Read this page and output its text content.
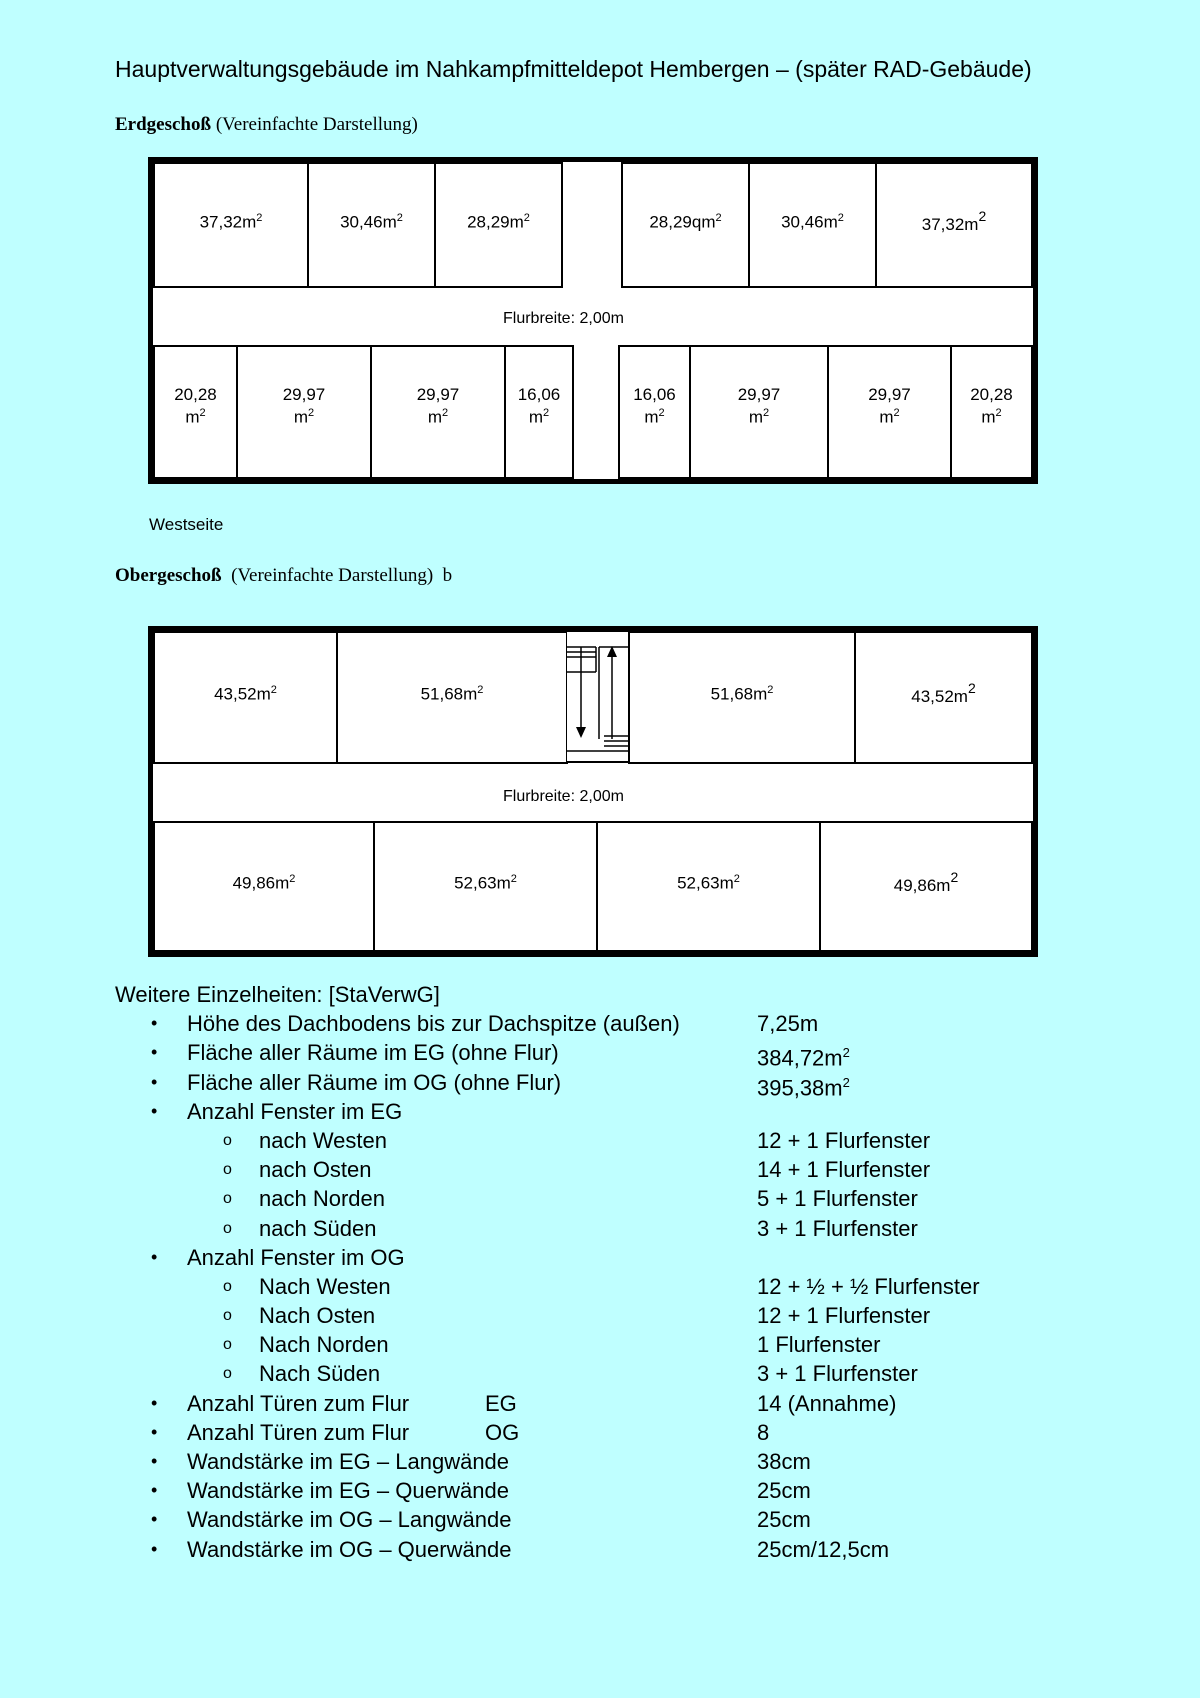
Hauptverwaltungsgebäude im Nahkampfmitteldepot Hembergen – (später RAD-Gebäude)
Erdgeschoß (Vereinfachte Darstellung)
$37,32m^2$	$30,46m^2$	$28,29m^2$	$28,29qm^2$	$30,46m^2$	$37,32m^2$
20,28
$m^2$
29,97
$m^2$
29,97
$m^2$
16,06
$m^2$
16,06
$m^2$
29,97
$m^2$
29,97
$m^2$
20,28
$m^2$
Flurbreite: 2,00m
Westseite
Obergeschoß  (Vereinfachte Darstellung)  b
$43,52m^2$	$51,68m^2$	$51,68m^2$	$43,52m^2$
$49,86m^2$	$52,63m^2$	$52,63m^2$	$49,86m^2$
Flurbreite: 2,00m
Weitere Einzelheiten: [StaVerwG]
• Höhe des Dachbodens bis zur Dachspitze (außen)	7,25m
• Fläche aller Räume im EG (ohne Flur)	$384,72m^2$
• Fläche aller Räume im OG (ohne Flur)	$395,38m^2$
• Anzahl Fenster im EG
o nach Westen	12 + 1 Flurfenster
o nach Osten	14 + 1 Flurfenster
o nach Norden	5 + 1 Flurfenster
o nach Süden	3 + 1 Flurfenster
• Anzahl Fenster im OG
o Nach Westen	12 + ½ + ½ Flurfenster
o Nach Osten	12 + 1 Flurfenster
o Nach Norden	1 Flurfenster
o Nach Süden	3 + 1 Flurfenster
• Anzahl Türen zum Flur	EG	14 (Annahme)
• Anzahl Türen zum Flur	OG	8
• Wandstärke im EG – Langwände	38cm
• Wandstärke im EG – Querwände	25cm
• Wandstärke im OG – Langwände	25cm
• Wandstärke im OG – Querwände	25cm/12,5cm
